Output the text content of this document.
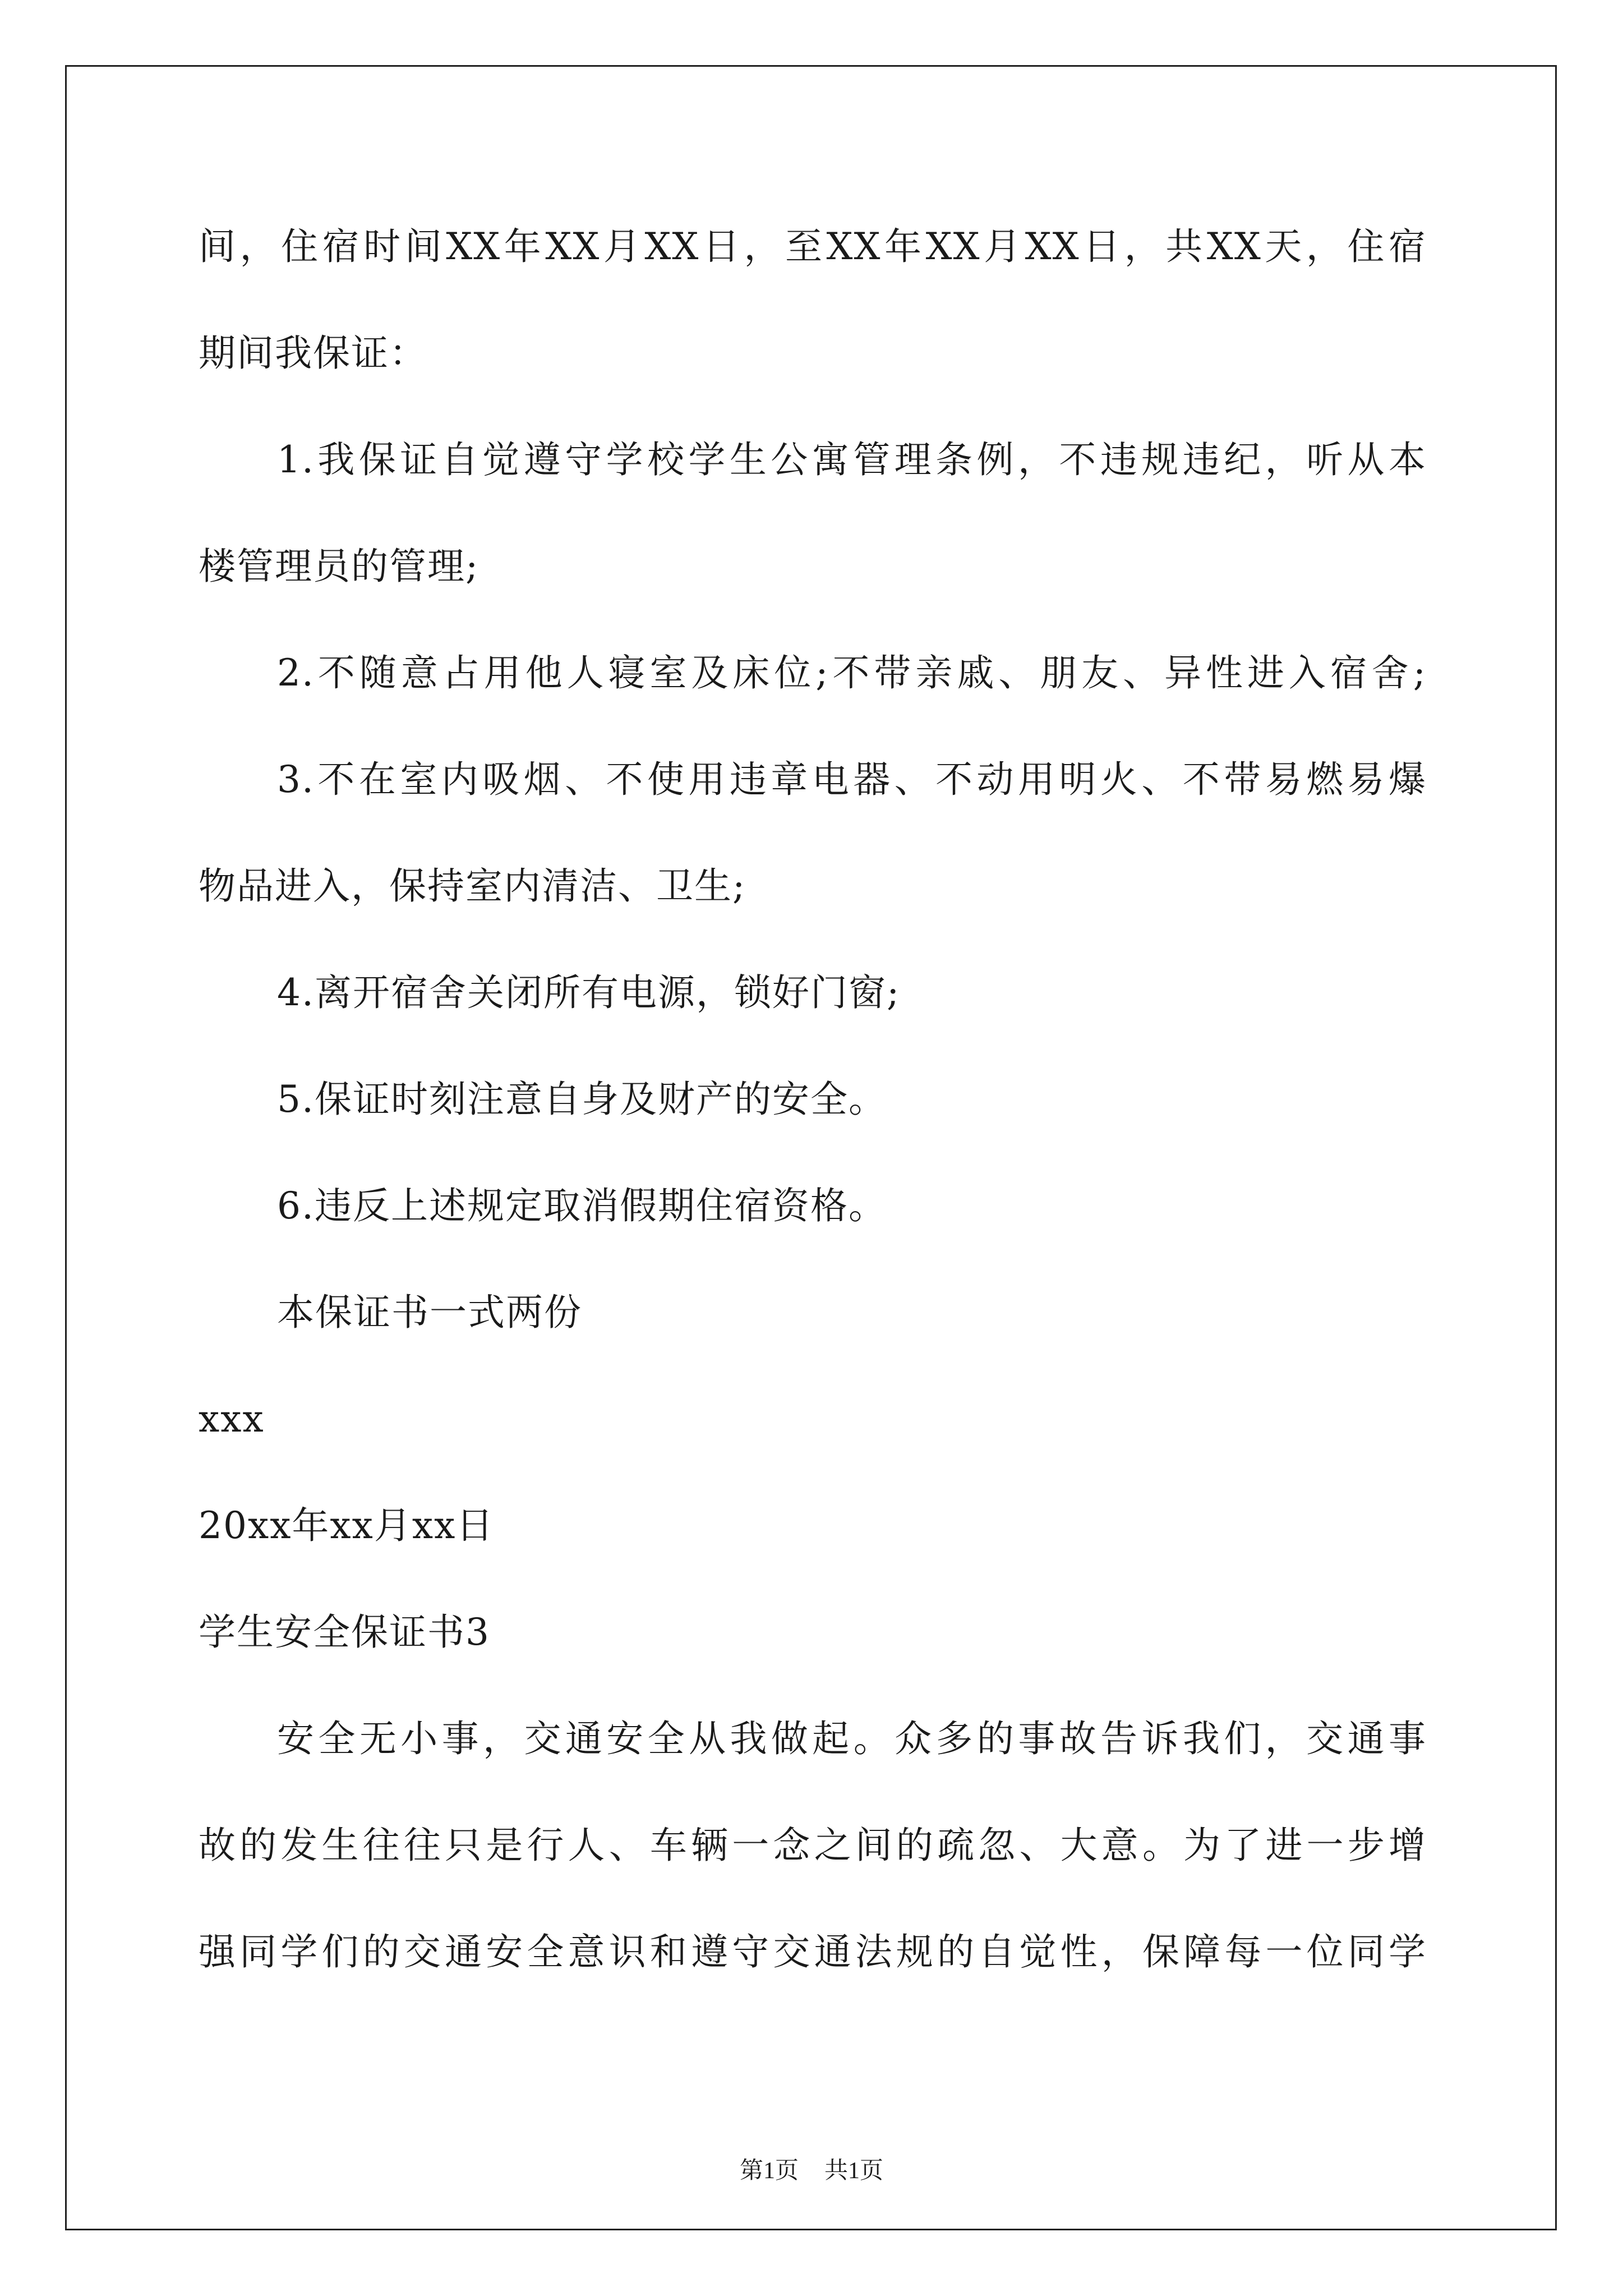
间，住宿时间XX年XX月XX日，至XX年XX月XX日，共XX天，住宿
期间我保证：
1.我保证自觉遵守学校学生公寓管理条例，不违规违纪，听从本
楼管理员的管理;
2.不随意占用他人寝室及床位;不带亲戚、朋友、异性进入宿舍;
3.不在室内吸烟、不使用违章电器、不动用明火、不带易燃易爆
物品进入，保持室内清洁、卫生;
4.离开宿舍关闭所有电源，锁好门窗;
5.保证时刻注意自身及财产的安全。
6.违反上述规定取消假期住宿资格。
本保证书一式两份
xxx
20xx年xx月xx日
学生安全保证书3
安全无小事，交通安全从我做起。众多的事故告诉我们，交通事
故的发生往往只是行人、车辆一念之间的疏忽、大意。为了进一步增
强同学们的交通安全意识和遵守交通法规的自觉性，保障每一位同学
第1页 共1页
